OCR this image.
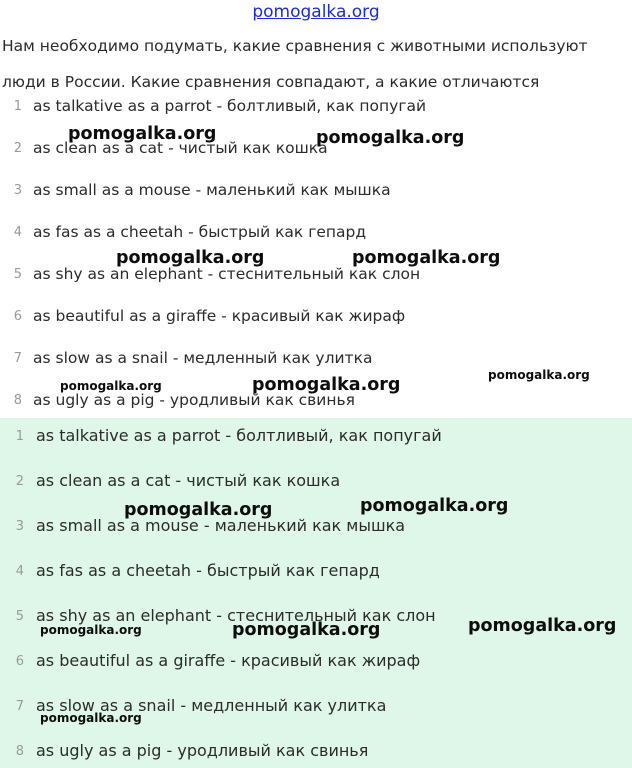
pomogalka.org
Нам необходимо подумать, какие сравнения с животными используют люди в России. Какие сравнения совпадают, а какие отличаются
1 as talkative as a parrot - болтливый, как попугай
2 as clean as a cat - чистый как кошка
3 as small as a mouse - маленький как мышка
4 as fas as a cheetah - быстрый как гепард
5 as shy as an elephant - стеснительный как слон
6 as beautiful as a giraffe - красивый как жираф
7 as slow as a snail - медленный как улитка
8 as ugly as a pig - уродливый как свинья
1 as talkative as a parrot - болтливый, как попугай
2 as clean as a cat - чистый как кошка
3 as small as a mouse - маленький как мышка
4 as fas as a cheetah - быстрый как гепард
5 as shy as an elephant - стеснительный как слон
6 as beautiful as a giraffe - красивый как жираф
7 as slow as a snail - медленный как улитка
8 as ugly as a pig - уродливый как свинья
pomogalka.org	pomogalka.org
pomogalka.org	pomogalka.org
pomogalka.org	pomogalka.org	pomogalka.org
pomogalka.org	pomogalka.org
pomogalka.org	pomogalka.org	pomogalka.org
pomogalka.org
